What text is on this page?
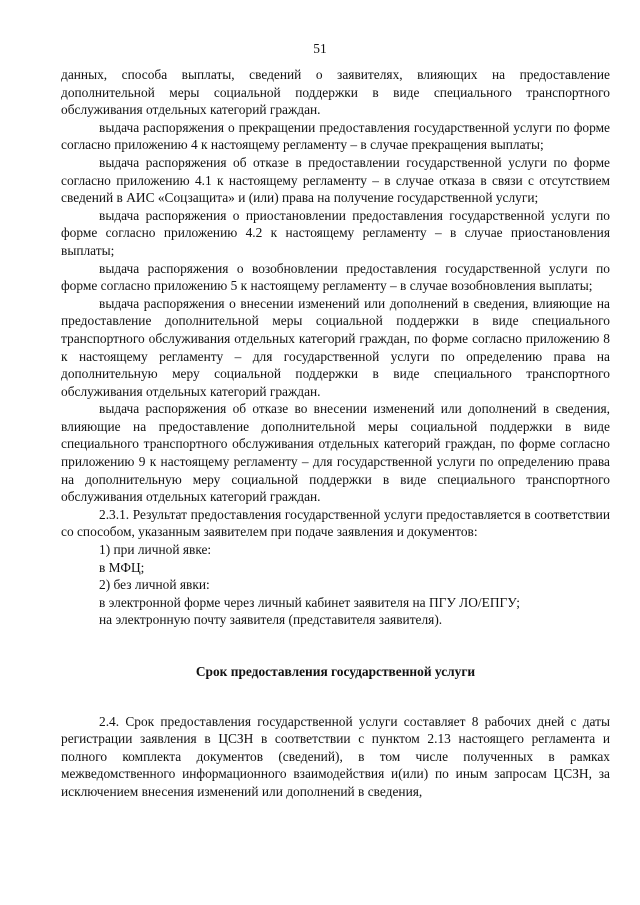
51

данных, способа выплаты, сведений о заявителях, влияющих на предоставление дополнительной меры социальной поддержки в виде специального транспортного обслуживания отдельных категорий граждан.

выдача распоряжения о прекращении предоставления государственной услуги по форме согласно приложению 4 к настоящему регламенту – в случае прекращения выплаты;

выдача распоряжения об отказе в предоставлении государственной услуги по форме согласно приложению 4.1 к настоящему регламенту – в случае отказа в связи с отсутствием сведений в АИС «Соцзащита» и (или) права на получение государственной услуги;

выдача распоряжения о приостановлении предоставления государственной услуги по форме согласно приложению 4.2 к настоящему регламенту – в случае приостановления выплаты;

выдача распоряжения о возобновлении предоставления государственной услуги по форме согласно приложению 5 к настоящему регламенту – в случае возобновления выплаты;

выдача распоряжения о внесении изменений или дополнений в сведения, влияющие на предоставление дополнительной меры социальной поддержки в виде специального транспортного обслуживания отдельных категорий граждан, по форме согласно приложению 8 к настоящему регламенту – для государственной услуги по определению права на дополнительную меру социальной поддержки в виде специального транспортного обслуживания отдельных категорий граждан.

выдача распоряжения об отказе во внесении изменений или дополнений в сведения, влияющие на предоставление дополнительной меры социальной поддержки в виде специального транспортного обслуживания отдельных категорий граждан, по форме согласно приложению 9 к настоящему регламенту – для государственной услуги по определению права на дополнительную меру социальной поддержки в виде специального транспортного обслуживания отдельных категорий граждан.

2.3.1. Результат предоставления государственной услуги предоставляется в соответствии со способом, указанным заявителем при подаче заявления и документов:

1) при личной явке:

в МФЦ;

2) без личной явки:

в электронной форме через личный кабинет заявителя на ПГУ ЛО/ЕПГУ;

на электронную почту заявителя (представителя заявителя).

Срок предоставления государственной услуги

2.4. Срок предоставления государственной услуги составляет 8 рабочих дней с даты регистрации заявления в ЦСЗН в соответствии с пунктом 2.13 настоящего регламента и полного комплекта документов (сведений), в том числе полученных в рамках межведомственного информационного взаимодействия и(или) по иным запросам ЦСЗН, за исключением внесения изменений или дополнений в сведения,
